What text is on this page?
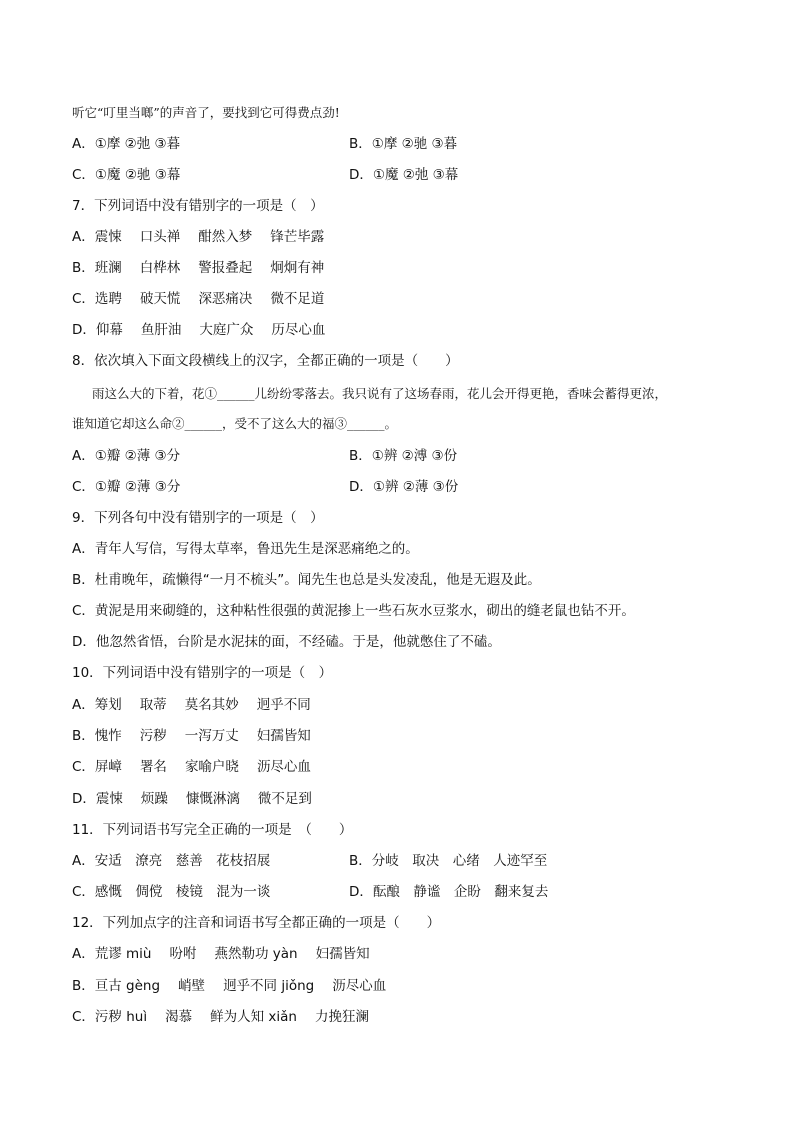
听它“叮里当啷”的声音了，要找到它可得费点劲!
A．①摩 ②弛 ③暮	B．①摩 ②驰 ③暮
C．①魔 ②驰 ③幕	D．①魔 ②弛 ③幕
7．下列词语中没有错别字的一项是（　）
A．震悚 口头禅 酣然入梦 锋芒毕露
B．班澜 白桦林 警报叠起 炯炯有神
C．选聘 破天慌 深恶痛决 微不足道
D．仰幕 鱼肝油 大庭广众 历尽心血
8．依次填入下面文段横线上的汉字，全都正确的一项是（　　）
雨这么大的下着，花①______儿纷纷零落去。我只说有了这场春雨，花儿会开得更艳，香味会蓄得更浓，
谁知道它却这么命②______，受不了这么大的福③______。
A．①瓣 ②薄 ③分	B．①辨 ②溥 ③份
C．①瓣 ②薄 ③分	D．①辨 ②薄 ③份
9．下列各句中没有错别字的一项是（　）
A．青年人写信，写得太草率，鲁迅先生是深恶痛绝之的。
B．杜甫晚年，疏懒得“一月不梳头”。闻先生也总是头发凌乱，他是无遐及此。
C．黄泥是用来砌缝的，这种粘性很强的黄泥掺上一些石灰水豆浆水，砌出的缝老鼠也钻不开。
D．他忽然省悟，台阶是水泥抹的面，不经磕。于是，他就憋住了不磕。
10．下列词语中没有错别字的一项是（　）
A．筹划 取蒂 莫名其妙 迥乎不同
B．愧怍 污秽 一泻万丈 妇孺皆知
C．屏嶂 署名 家喻户晓 沥尽心血
D．震悚 烦躁 慷慨淋漓 微不足到
11．下列词语书写完全正确的一项是　（　　）
A．安适　潦亮　慈善　花枝招展	B．分岐　取决　心绪　人迹罕至
C．感慨　倜傥　棱镜　混为一谈	D．酝酿　静谧　企盼　翻来复去
12．下列加点字的注音和词语书写全都正确的一项是（　　）
A．荒谬 miù 吩咐 燕然勒功 yàn 妇孺皆知
B．亘古 gèng 峭壁 迥乎不同 jiǒng 沥尽心血
C．污秽 huì 渴慕 鲜为人知 xiǎn 力挽狂澜
